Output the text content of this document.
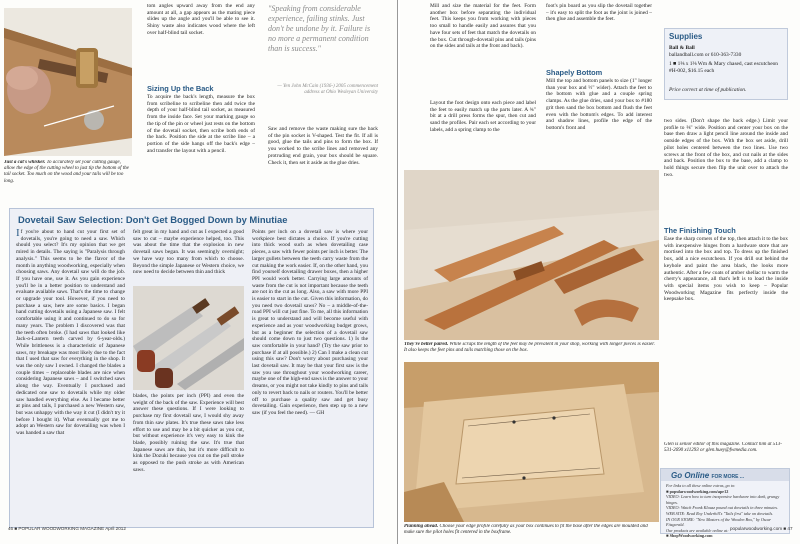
Just a cat's whisker. To accurately set your cutting gauge, allow the edge of the cutting wheel to just tip the bottom of the tail socket. Too much on the wood and your tails will be too long.
tom angles upward away from the end any amount at all, a gap appears as the mating piece slides up the angle and you'll be able to see it. Shiny waste also indicates wood where the left over half-blind tail socket.
Sizing Up the Back
To acquire the back's length, measure the box from scribeline to scribeline then add twice the depth of your half-blind tail socket, as measured from the inside face. Set your marking gauge so the tip of the pin or wheel just rests on the bottom of the dovetail socket, then scribe both ends of the back. Position the side at the scribe line – a portion of the side hangs off the back's edge – and transfer the layout with a pencil.
"Speaking from considerable experience, failing stinks. Just don't be undone by it. Failure is no more a permanent condition than is success."
— Yen John McCain (1936-) 2005 commencement address at Ohio Wesleyan University
Saw and remove the waste making sure the back of the pin socket is V-shaped. Test the fit. If all is good, glue the tails and pins to form the box. If you worked to the scribe lines and removed any protruding end grain, your box should be square. Check it, then set it aside as the glue dries.
Dovetail Saw Selection: Don't Get Bogged Down by Minutiae
If you're about to hand cut your first set of dovetails, you're going to need a saw. Which should you select? It's my opinion that we get mired in details. The saying is "Paralysis through analysis." This seems to be the flavor of the month in anything woodworking, especially when choosing saws. Any dovetail saw will do the job. If you have one, use it. As you gain experience you'll be in a better position to understand and evaluate available saws. That's the time to change or upgrade your tool. However, if you need to purchase a saw, here are some basics. I began hand cutting dovetails using a Japanese saw. I felt comfortable using it and continued to do so for many years. The problem I discovered was that the teeth often broke. (I had saws that looked like Jack-o-Lantern teeth carved by 6-year-olds.) While brittleness is a characteristic of Japanese saws, my breakage was most likely due to the fact that I used that saw for everything in the shop. It was the only saw I owned. I changed the blades a couple times – replaceable blades are nice when considering Japanese saws – and I switched saws along the way. Eventually I purchased and dedicated one saw to dovetails while my older saw handled everything else. As I became better at pins and tails, I purchased a new Western saw, but was unhappy with the way it cut (I didn't try it before I bought it). What eventually got me to adopt an Western saw for dovetailing was when I was handed a saw that
felt great in my hand and cut as I expected a good saw to cut – maybe experience helped, too. This was about the time that the explosion in new dovetail saws began. It was seemingly overnight; we have way too many from which to choose. Beyond the simple Japanese or Western choice, we now need to decide between thin and thick
blades, the points per inch (PPI) and even the weight of the back of the saw. Experience will best answer these questions. If I were looking to purchase my first dovetail saw, I would shy away from thin saw plates. It's true these saws take less effort to use and may be a bit quicker as you cut, but without experience it's very easy to kink the blade, possibly ruining the saw. It's true that Japanese saws are thin, but it's more difficult to kink the Dozuki because you cut on the pull stroke as opposed to the push stroke as with American saws.
Points per inch on a dovetail saw is where your workpiece best dictates a choice. If you're cutting into thick wood such as when dovetailing case pieces, a saw with fewer points per inch is better. The larger gullets between the teeth carry waste from the cut making the work easier. If, on the other hand, you find yourself dovetailing drawer boxes, then a higher PPI would work better. Carrying large amounts of waste from the cut is not important because the teeth are not in the cut as long. Also, a saw with more PPI is easier to start in the cut. Given this information, do you need two dovetail saws? No – a middle-of-the-road PPI will cut just fine. To me, all this information is great to understand and will become useful with experience and as your woodworking budget grows, but as a beginner the selection of a dovetail saw should come down to just two questions. 1) Is the saw comfortable in your hand? (Try the saw prior to purchase if at all possible.) 2) Can I make a clean cut using this saw? Don't worry about purchasing your last dovetail saw. It may be that your first saw is the saw you use throughout your woodworking career, maybe one of the high-end saws is the answer to your dreams, or you might not take kindly to pins and tails only to revert back to nails or routers. You'll be better off to purchase a quality saw and get busy dovetailing. Gain experience, then step up to a new saw (if you feel the need). — GH
46 ■ POPULAR WOODWORKING MAGAZINE April 2012
Mill and size the material for the feet. Form another box before separating the individual feet. This keeps you from working with pieces too small to handle easily and assures that you have four sets of feet that match the dovetails on the box. Cut through-dovetail pins and tails (pins on the sides and tails at the front and back).
Layout the foot design onto each piece and label the feet to easily match up the parts later. A ¾" bit at a drill press forms the spur, then cut and sand the profiles. Pair each set according to your labels, add a spring clamp to the
foot's pin board as you slip the dovetail together – it's easy to split the foot as the joint is joined – then glue and assemble the feet.
Shapely Bottom
Mill the top and bottom panels to size (1" longer than your box and ½" wider). Attach the feet to the bottom with glue and a couple spring clamps. As the glue dries, sand your box to #180 grit then sand the box bottom and flush the feet even with the bottom's edges. To add interest and shadow lines, profile the edge of the bottom's front and
Supplies
Ball & Ball
ballandball.com or 610-363-7330
1 ■ 1⅝ x 1⅜ Wm & Mary chased, cast escutcheon #H-002, $16.15 each
Price correct at time of publication.
They're better paired. While scraps the length of the feet may be prevalent in your shop, working with longer pieces is easier. It also keeps the feet pins and tails matching those on the box.
Planning ahead. Choose your edge profile carefully as your box continues to fit the base after the edges are moulded and make sure the pilot holes fit centered in the boxframe.
two sides. (Don't shape the back edge.) Limit your profile to ⅝" wide. Position and center your box on the base then draw a light pencil line around the inside and outside edges of the box. With the box set aside, drill pilot holes centered between the two lines. Use two screws at the front of the box, and cut nails at the sides and back. Position the box to the base, add a clamp to hold things secure then flip the unit over to attach the two.
The Finishing Touch
Ease the sharp corners of the top, then attach it to the box with inexpensive hinges from a hardware store that are mortised into the box and top. To dress up the finished box, add a nice escutcheon. If you drill out behind the keyhole and paint the area black, the looks more authentic. After a few coats of amber shellac to warm the cherry's appearance, all that's left is to load the inside with special items you wish to keep – Popular Woodworking Magazine fits perfectly inside the keepsake box.
Glen is senior editor of this magazine. Contact him at 513-531-2690 x11293 or glen.huey@fwmedia.com.
Go Online FOR MORE ...
For links to all these online extras, go to:
■ popularwoodworking.com/apr12
VIDEO: Learn how to turn inexpensive hardware into dark, grungy hinges.
VIDEO: Watch Frank Klausz pound out dovetails in three minutes.
WEB SITE: Read Roy Underhill's "Tails first" take on dovetails.
IN OUR STORE: "New Masters of the Wooden Box," by Oscar Fitzgerald.
Our products are available online at:
■ ShopWoodworking.com
popularwoodworking.com ■ 47
